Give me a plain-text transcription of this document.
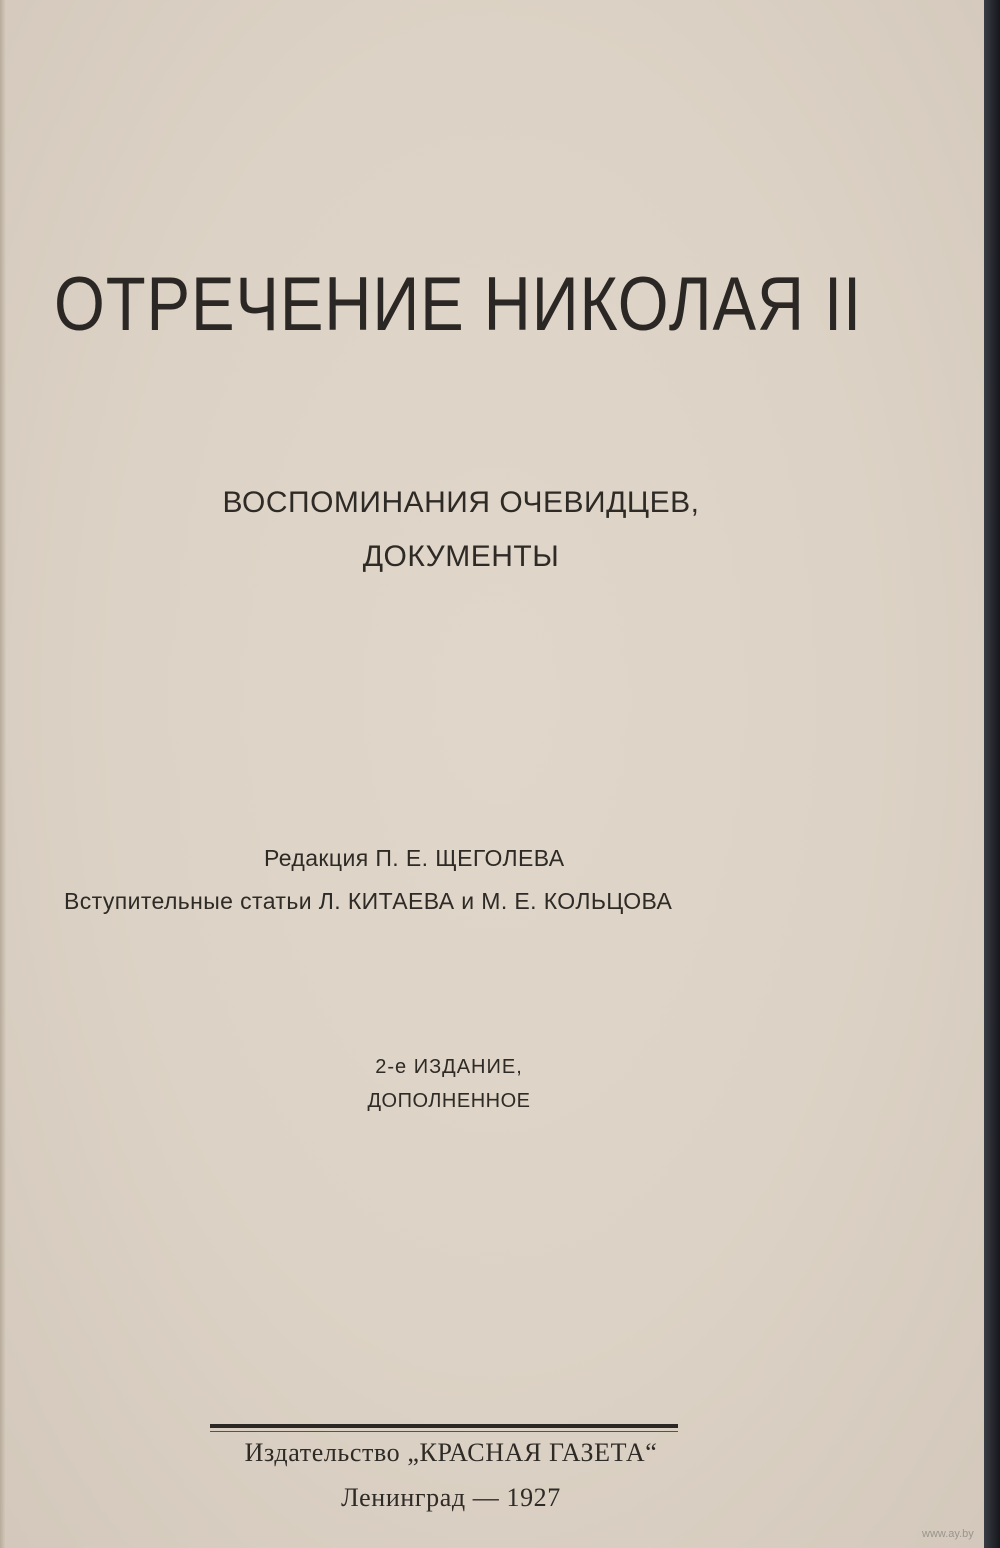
ОТРЕЧЕНИЕ НИКОЛАЯ II
ВОСПОМИНАНИЯ ОЧЕВИДЦЕВ,
ДОКУМЕНТЫ
Редакция П. Е. ЩЕГОЛЕВА
Вступительные статьи Л. КИТАЕВА и М. Е. КОЛЬЦОВА
2-е ИЗДАНИЕ,
ДОПОЛНЕННОЕ
Издательство „КРАСНАЯ ГАЗЕТА“
Ленинград — 1927
www.ay.by
